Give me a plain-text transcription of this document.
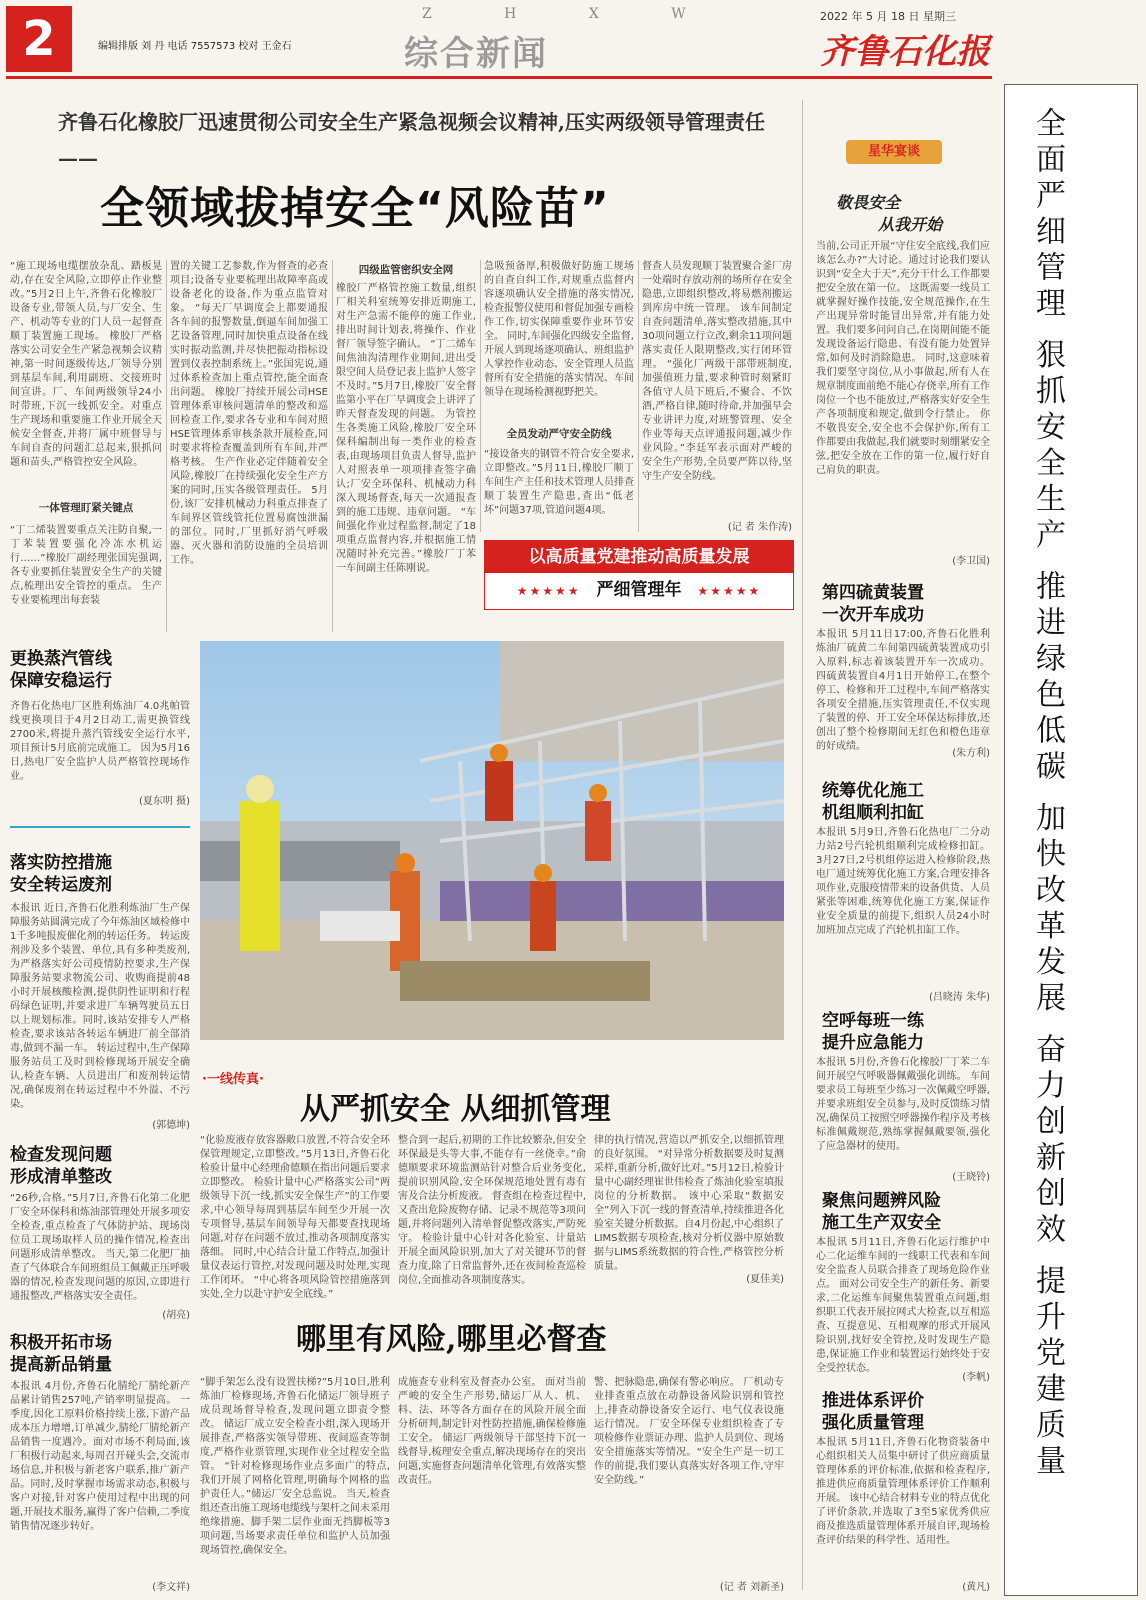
2	编辑排版 刘 丹 电话 7557573 校对 王金石
Z H X W
综合新闻
2022 年 5 月 18 日 星期三
齐鲁石化报
全面严细管理 狠抓安全生产 推进绿色低碳 加快改革发展 奋力创新创效 提升党建质量
齐鲁石化橡胶厂迅速贯彻公司安全生产紧急视频会议精神,压实两级领导管理责任——
全领域拔掉安全“风险苗”
“施工现场电缆摆放杂乱、踏板晃动,存在安全风险,立即停止作业整改。”5月2日上午,齐鲁石化橡胶厂设备专业,带领人员,与厂安全、生产、机动等专业的门人员一起督查顺丁装置施工现场。 橡胶厂严格落实公司安全生产紧急视频会议精神,第一时间逐级传达,厂领导分别到基层车间,利用副班、交接班时间宣讲。厂、车间两级领导24小时带班,下沉一线抓安全。对重点生产现场和重要施工作业开展全天候安全督查,并将厂属中班督导与车间自查的问题汇总起来,狠抓问题和苗头,严格管控安全风险。
一体管理盯紧关键点
“丁二烯装置要重点关注防自聚,一丁苯装置要强化冷冻水机运行……”橡胶厂副经理张国宪强调,各专业要抓住装置安全生产的关键点,梳理出安全管控的重点。 生产专业要梳理出每套装
置的关键工艺参数,作为督查的必查项目;设备专业要梳理出故障率高或设备老化的设备,作为重点监管对象。 “每天厂早调度会上都要通报各车间的报警数量,倒逼车间加强工艺设备管理,同时加快重点设备在线实时振动监测,并尽快把振动指标设置到仪表控制系统上。”张国宪说,通过体系检查加上重点管控,能全面查出问题。 橡胶厂持续开展公司HSE管理体系审核问题清单的整改和巡回检查工作,要求各专业和车间对照HSE管理体系审核条款开展检查,同时要求将检查覆盖到所有车间,并严格考核。 生产作业必定伴随着安全风险,橡胶厂在持续强化安全生产方案的同时,压实各级管理责任。 5月份,该厂安排机械动力科重点排查了车间界区管线管托位置易腐蚀泄漏的部位。同时,厂里抓好消气呼吸器、灭火器和消防设施的全员培训工作。
四级监管密织安全网
橡胶厂严格管控施工数量,组织厂相关科室统筹安排近期施工,对生产急需不能停的施工作业,排出时间计划表,将操作、作业督厂领导签字确认。 “丁二烯车间焦油沟清理作业期间,进出受限空间人员登记表上监护人签字不及时。”5月7日,橡胶厂安全督监第小平在厂早调度会上讲评了昨天督查发现的问题。 为管控生各类施工风险,橡胶厂安全环保科编制出每一类作业的检查表,由现场项目负责人督导,监护人对照表单一项项排查签字确认;厂安全环保科、机械动力科深入现场督查,每天一次通报查到的施工违规、违章问题。 “车间强化作业过程监督,制定了18项重点监督内容,并根据施工情况随时补充完善。”橡胶厂丁苯一车间副主任陈刚说。
急吸预备厚,积极做好防施工规场的自查自纠工作,对规重点监督内容逐项确认安全措施的落实情况,检查报警仪使用和督促加强专画检作工作,切实保障重要作业环节安全。 同时,车间强化四级安全监督,开展人到现场逐项确认、班组监护人掌控作业动态、安全管理人员监督所有安全措施的落实情况、车间领导在现场检测视野把关。
全员发动严守安全防线
“接设备夹的钢管不符合安全要求,立即整改。”5月11日,橡胶厂顺丁车间生产主任和技术管理人员排查顺丁装置生产隐患,查出“低老坏”问题37项,管道问题4项。
督查人员发现顺丁装置聚合釜厂房一处端时存放动剂的场所存在安全隐患,立即组织整改,将易燃剂搬运到库房中统一管理。 该车间制定自查问题清单,落实整改措施,其中30项问题立行立改,剩余11项问题落实责任人限期整改,实行闭环管理。 “强化厂两级干部带班制度,加强值班力量,要求种管时刻紧盯各值守人员下班后,不聚合、不饮酒,严格自律,随时待命,并加强早会专业讲评力度,对班警管理、安全作业等每天点评通报问题,减少作业风险。”李廷军表示面对严峻的安全生产形势,全员要严阵以待,坚守生产安全防线。
(记 者 朱作涛)
以高质量党建推动高质量发展
★★★★★ 严细管理年 ★★★★★
更换蒸汽管线
保障安稳运行
齐鲁石化热电厂区胜利炼油厂4.0兆帕管线更换项目于4月2日动工,需更换管线2700米,将提升蒸汽管线安全运行水平,项目预计5月底前完成施工。 因为5月16日,热电厂安全监护人员严格管控现场作业。
(夏东明 摄)
落实防控措施
安全转运废剂
本报讯 近日,齐鲁石化胜利炼油厂生产保障服务站圆满完成了今年炼油区域检修中1千多吨报废催化剂的转运任务。 转运废剂涉及多个装置、单位,具有多种类废剂,为严格落实好公司疫情防控要求,生产保障服务站要求物流公司、收购商提前48小时开展核酸检测,提供阴性证明和行程码绿色证明,并要求进厂车辆驾驶员五日以上规划标准。同时,该站安排专人严格检查,要求该站各转运车辆进厂前全部消毒,做到不漏一车。 转运过程中,生产保障服务站员工及时到检修现场开展安全确认,检查车辆、人员进出厂和废剂转运情况,确保废剂在转运过程中不外溢、不污染。
(郭德坤)
检查发现问题
形成清单整改
“26秒,合格。”5月7日,齐鲁石化第二化肥厂安全环保科和炼油部管理处开展多项安全检查,重点检查了气体防护站、现场岗位员工现场取样人员的操作情况,检查出问题形成清单整改。 当天,第二化肥厂抽查了气体联合车间班组员工佩戴正压呼吸器的情况,检查发现问题的原因,立即进行通报整改,严格落实安全责任。
(胡亮)
积极开拓市场
提高新品销量
本报讯 4月份,齐鲁石化腈纶厂腈纶新产品累计销售257吨,产销率明显提高。 一季度,因化工原料价格持续上涨,下游产品成本压力增增,订单减少,腈纶厂腈纶新产品销售一度遇冷。面对市场不利局面,该厂积极行动起来,每周召开碰头会,交流市场信息,并积极与新老客户联系,推广新产品。同时,及时掌握市场需求动态,积极与客户对接,针对客户使用过程中出现的问题,开展技术服务,赢得了客户信赖,二季度销售情况逐步转好。
(李文祥)
·一线传真·
从严抓安全 从细抓管理
“化验废液存放容器敞口放置,不符合安全环保管理规定,立即整改。”5月13日,齐鲁石化检验计量中心经理俞德顺在指出问题后要求立即整改。 检验计量中心严格落实公司“两级领导下沉一线,抓实安全保生产”的工作要求,中心领导每周到基层车间至少开展一次专项督导,基层车间领导每天都要查找现场问题,对存在问题不放过,推动各项制度落实落细。 同时,中心结合计量工作特点,加强计量仪表运行管控,对发现问题及时处理,实现工作闭环。 “中心将各项风险管控措施落到实处,全力以赴守护安全底线。”
整合到一起后,初期的工作比较繁杂,但安全环保最是头等大事,不能存有一丝侥幸。”俞德顺要求环境监测站针对整合后业务变化,提前识别风险,安全环保规范地处置有毒有害及合法分析废液。 督查组在检查过程中,又查出危险废物存储、记录不规范等3项问题,并将问题列入清单督促整改落实,严防死守。 检验计量中心针对各化验室、计量站开展全面风险识别,加大了对关键环节的督查力度,除了日常监督外,还在夜间检查巡检岗位,全面推动各项制度落实。
律的执行情况,营造以严抓安全,以细抓管理的良好氛围。 “对异常分析数据要及时复测采样,重新分析,做好比对。”5月12日,检验计量中心副经理崔世伟检查了炼油化验室填报岗位的分析数据。 该中心采取“数据安全”列入下沉一线的督查清单,持续推进各化验室关键分析数据。自4月份起,中心组织了LIMS数据专项检查,核对分析仪器中原始数据与LIMS系统数据的符合性,严格管控分析质量。
(夏佳美)
哪里有风险,哪里必督查
“脚手架怎么没有设置扶梯?”5月10日,胜利炼油厂检修现场,齐鲁石化储运厂领导班子成员现场督导检查,发现问题立即责令整改。 储运厂成立安全检查小组,深入现场开展排查,严格落实领导带班、夜间巡查等制度,严格作业票管理,实现作业全过程安全监管。 “针对检修现场作业点多面广的特点,我们开展了网格化管理,明确每个网格的监护责任人。”储运厂安全总监说。 当天,检查组还查出施工现场电缆线与架杆之间未采用绝缘措施、脚手架二层作业面无挡脚板等3项问题,当场要求责任单位和监护人员加强现场管控,确保安全。
成施查专业科室及督查办公室。 面对当前严峻的安全生产形势,储运厂从人、机、料、法、环等各方面存在的风险开展全面分析研判,制定针对性防控措施,确保检修施工安全。 储运厂两级领导干部坚持下沉一线督导,梳理安全重点,解决现场存在的突出问题,实施督查问题清单化管理,有效落实整改责任。
警、把脉隐患,确保有警必响应。 厂机动专业排查重点放在动静设备风险识别和管控上,排查动静设备安全运行、电气仪表设施运行情况。 厂安全环保专业组织检查了专项检修作业票证办理、监护人员到位、现场安全措施落实等情况。“安全生产是一切工作的前提,我们要认真落实好各项工作,守牢安全防线。”
(记 者 刘新圣)
星华宴谈
敬畏安全
从我开始
当前,公司正开展“守住安全底线,我们应该怎么办?”大讨论。通过讨论我们要认识到“安全大于天”,充分干什么工作都要把安全放在第一位。 这既需要一线员工就掌握好操作技能,安全规范操作,在生产出现异常时能冒出异常,并有能力处置。我们要多问问自己,在岗期间能不能发现设备运行隐患、有没有能力处置异常,如何及时消除隐患。 同时,这意味着我们要坚守岗位,从小事做起,所有人在规章制度面前绝不能心存侥幸,所有工作岗位一个也不能放过,严格落实好安全生产各项制度和规定,做到令行禁止。 你不敬畏安全,安全也不会保护你,所有工作都要由我做起,我们就要时刻绷紧安全弦,把安全放在工作的第一位,履行好自己肩负的职责。
(李卫国)
第四硫黄装置
一次开车成功
本报讯 5月11日17:00,齐鲁石化胜利炼油厂硫黄二车间第四硫黄装置成功引入原料,标志着该装置开车一次成功。 四硫黄装置自4月1日开始停工,在整个停工、检修和开工过程中,车间严格落实各项安全措施,压实管理责任,不仅实现了装置的停、开工安全环保达标排放,还创出了整个检修期间无红色和橙色违章的好成绩。
(朱方利)
统筹优化施工
机组顺利扣缸
本报讯 5月9日,齐鲁石化热电厂二分动力站2号汽轮机组顺利完成检修扣缸。 3月27日,2号机组停运进入检修阶段,热电厂通过统筹优化施工方案,合理安排各项作业,克服疫情带来的设备供货、人员紧张等困难,统筹优化施工方案,保证作业安全质量的前提下,组织人员24小时加班加点完成了汽轮机扣缸工作。
(吕晓涛 朱华)
空呼每班一练
提升应急能力
本报讯 5月份,齐鲁石化橡胶厂丁苯二车间开展空气呼吸器佩戴强化训练。 车间要求员工每班至少练习一次佩戴空呼器,并要求班组安全员参与,及时反馈练习情况,确保员工按照空呼器操作程序及考核标准佩戴规范,熟练掌握佩戴要领,强化了应急器材的使用。
(王晓铃)
聚焦问题辨风险
施工生产双安全
本报讯 5月11日,齐鲁石化运行维护中心二化运维车间的一线职工代表和车间安全监查人员联合排查了现场危险作业点。 面对公司安全生产的新任务、新要求,二化运维车间聚焦装置重点问题,组织职工代表开展拉网式大检查,以互相巡查、互提意见、互相观摩的形式开展风险识别,找好安全管控,及时发现生产隐患,保证施工作业和装置运行始终处于安全受控状态。
(李帆)
推进体系评价
强化质量管理
本报讯 5月11日,齐鲁石化物资装备中心组织相关人员集中研讨了供应商质量管理体系的评价标准,依据和检查程序,推进供应商质量管理体系评价工作顺利开展。 该中心结合材料专业的特点优化了评价条款,并选取了3至5家优秀供应商及推选质量管理体系开展自评,现场检查评价结果的科学性、适用性。
(黄凡)
